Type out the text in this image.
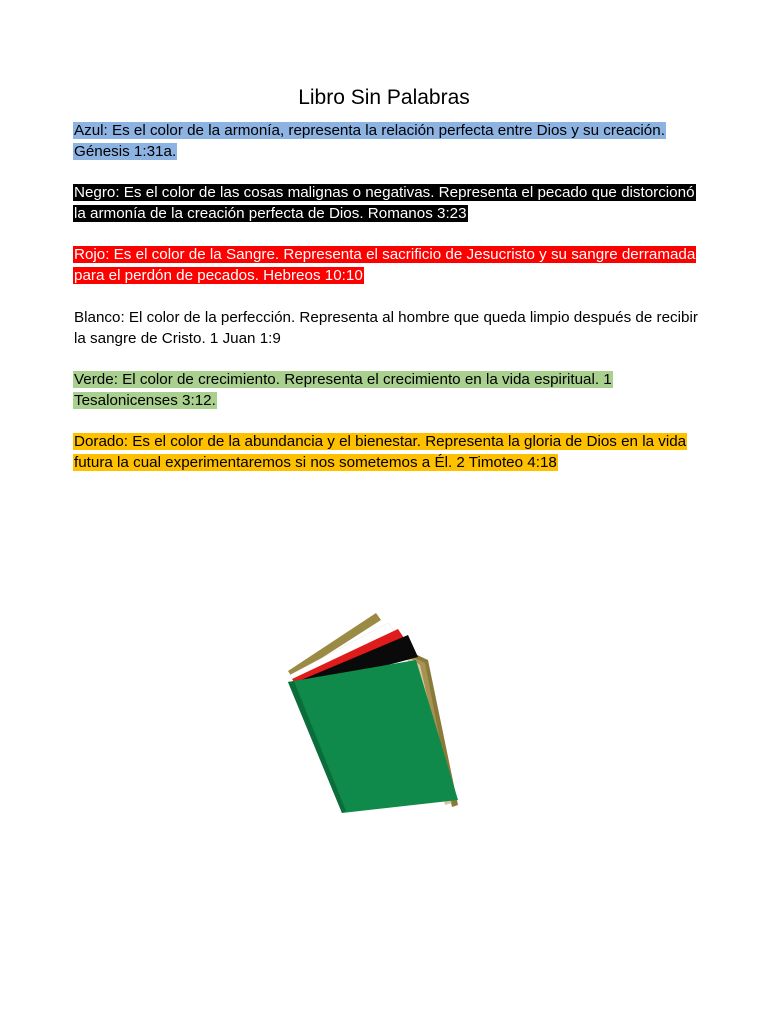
Libro Sin Palabras

Azul: Es el color de la armonía, representa la relación perfecta entre Dios y su creación. Génesis 1:31a.

Negro: Es el color de las cosas malignas o negativas. Representa el pecado que distorcionó la armonía de la creación perfecta de Dios. Romanos 3:23

Rojo: Es el color de la Sangre. Representa el sacrificio de Jesucristo y su sangre derramada para el perdón de pecados. Hebreos 10:10

Blanco: El color de la perfección. Representa al hombre que queda limpio después de recibir la sangre de Cristo. 1 Juan 1:9

Verde: El color de crecimiento. Representa el crecimiento en la vida espiritual. 1 Tesalonicenses 3:12.

Dorado: Es el color de la abundancia y el bienestar. Representa la gloria de Dios en la vida futura la cual experimentaremos si nos sometemos a Él. 2 Timoteo 4:18
